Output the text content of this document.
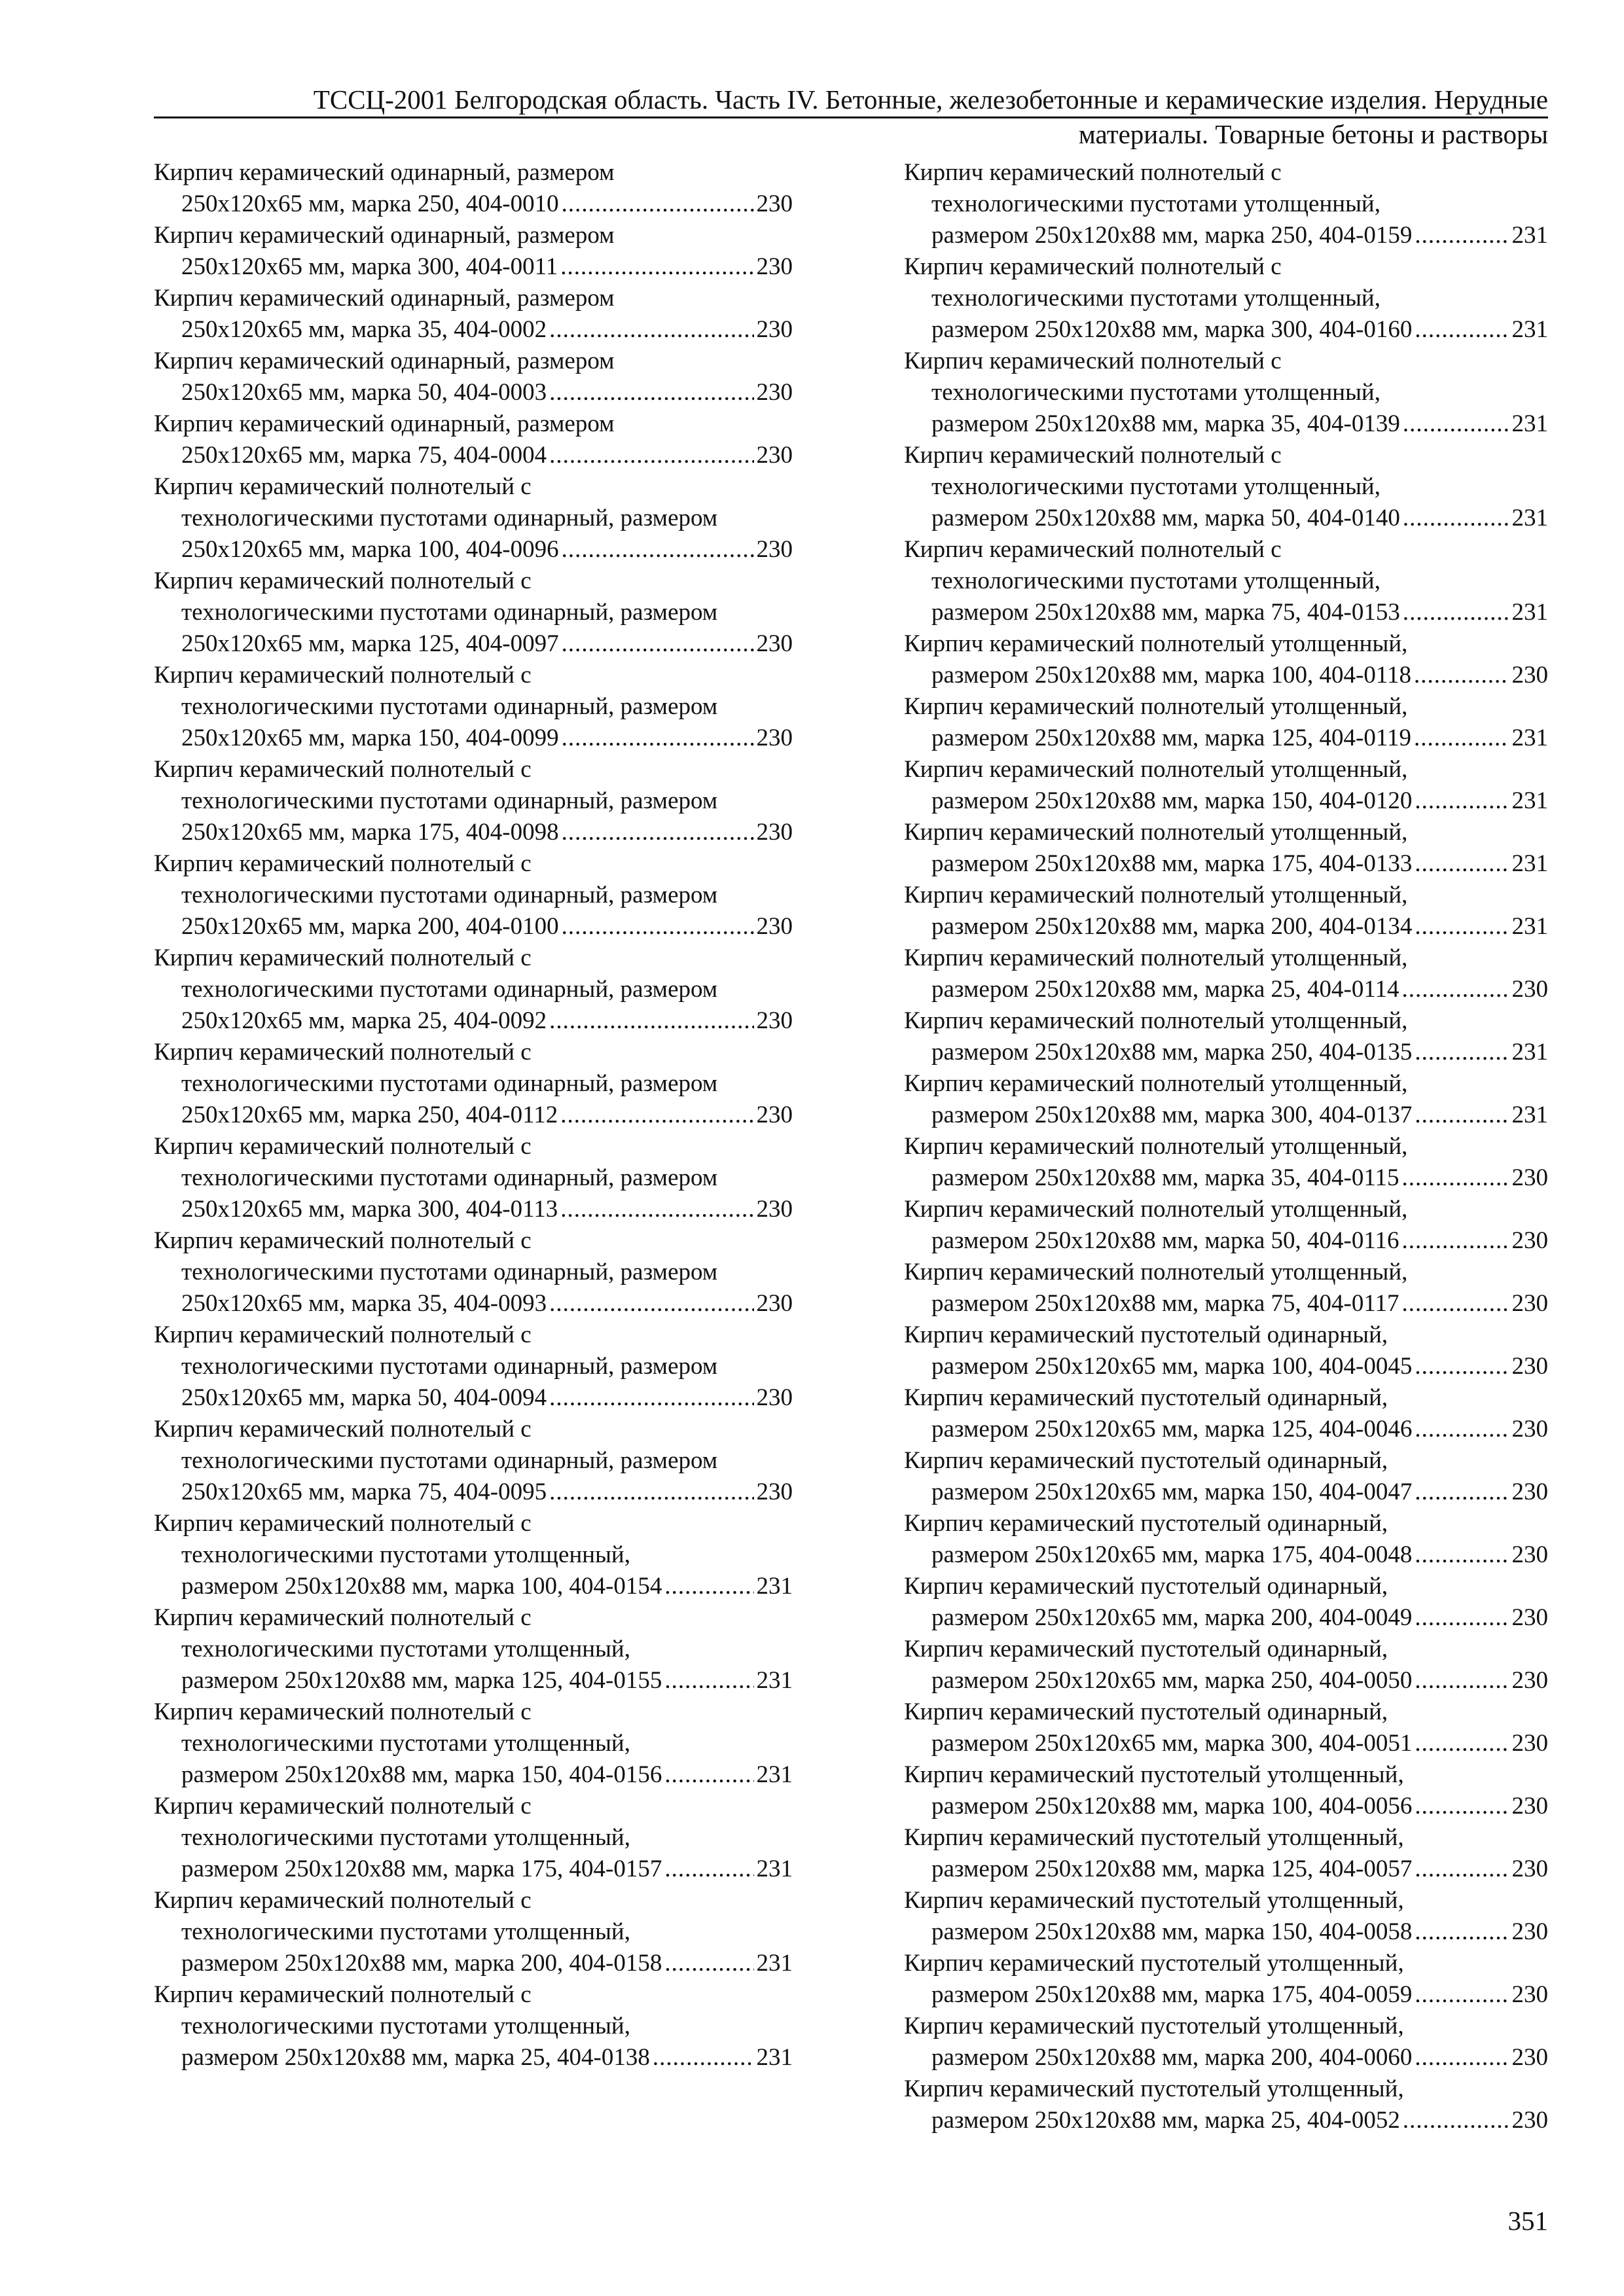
ТССЦ-2001 Белгородская область. Часть IV. Бетонные, железобетонные и керамические изделия. Нерудные
материалы. Товарные бетоны и растворы
Кирпич керамический одинарный, размером
250x120x65 мм, марка 250, 404-0010 .....	230
Кирпич керамический одинарный, размером
250x120x65 мм, марка 300, 404-0011 .....	230
Кирпич керамический одинарный, размером
250x120x65 мм, марка 35, 404-0002 .....	230
Кирпич керамический одинарный, размером
250x120x65 мм, марка 50, 404-0003 .....	230
Кирпич керамический одинарный, размером
250x120x65 мм, марка 75, 404-0004 .....	230
Кирпич керамический полнотелый с
технологическими пустотами одинарный, размером
250x120x65 мм, марка 100, 404-0096 .....	230
Кирпич керамический полнотелый с
технологическими пустотами одинарный, размером
250x120x65 мм, марка 125, 404-0097 .....	230
Кирпич керамический полнотелый с
технологическими пустотами одинарный, размером
250x120x65 мм, марка 150, 404-0099 .....	230
Кирпич керамический полнотелый с
технологическими пустотами одинарный, размером
250x120x65 мм, марка 175, 404-0098 .....	230
Кирпич керамический полнотелый с
технологическими пустотами одинарный, размером
250x120x65 мм, марка 200, 404-0100 .....	230
Кирпич керамический полнотелый с
технологическими пустотами одинарный, размером
250x120x65 мм, марка 25, 404-0092 .....	230
Кирпич керамический полнотелый с
технологическими пустотами одинарный, размером
250x120x65 мм, марка 250, 404-0112 .....	230
Кирпич керамический полнотелый с
технологическими пустотами одинарный, размером
250x120x65 мм, марка 300, 404-0113 .....	230
Кирпич керамический полнотелый с
технологическими пустотами одинарный, размером
250x120x65 мм, марка 35, 404-0093 .....	230
Кирпич керамический полнотелый с
технологическими пустотами одинарный, размером
250x120x65 мм, марка 50, 404-0094 .....	230
Кирпич керамический полнотелый с
технологическими пустотами одинарный, размером
250x120x65 мм, марка 75, 404-0095 .....	230
Кирпич керамический полнотелый с
технологическими пустотами утолщенный,
размером 250x120x88 мм, марка 100, 404-0154 .....	231
Кирпич керамический полнотелый с
технологическими пустотами утолщенный,
размером 250x120x88 мм, марка 125, 404-0155 .....	231
Кирпич керамический полнотелый с
технологическими пустотами утолщенный,
размером 250x120x88 мм, марка 150, 404-0156 .....	231
Кирпич керамический полнотелый с
технологическими пустотами утолщенный,
размером 250x120x88 мм, марка 175, 404-0157 .....	231
Кирпич керамический полнотелый с
технологическими пустотами утолщенный,
размером 250x120x88 мм, марка 200, 404-0158 .....	231
Кирпич керамический полнотелый с
технологическими пустотами утолщенный,
размером 250x120x88 мм, марка 25, 404-0138 .....	231
Кирпич керамический полнотелый с
технологическими пустотами утолщенный,
размером 250x120x88 мм, марка 250, 404-0159 .....	231
Кирпич керамический полнотелый с
технологическими пустотами утолщенный,
размером 250x120x88 мм, марка 300, 404-0160 .....	231
Кирпич керамический полнотелый с
технологическими пустотами утолщенный,
размером 250x120x88 мм, марка 35, 404-0139 .....	231
Кирпич керамический полнотелый с
технологическими пустотами утолщенный,
размером 250x120x88 мм, марка 50, 404-0140 .....	231
Кирпич керамический полнотелый с
технологическими пустотами утолщенный,
размером 250x120x88 мм, марка 75, 404-0153 .....	231
Кирпич керамический полнотелый утолщенный,
размером 250x120x88 мм, марка 100, 404-0118 .....	230
Кирпич керамический полнотелый утолщенный,
размером 250x120x88 мм, марка 125, 404-0119 .....	231
Кирпич керамический полнотелый утолщенный,
размером 250x120x88 мм, марка 150, 404-0120 .....	231
Кирпич керамический полнотелый утолщенный,
размером 250x120x88 мм, марка 175, 404-0133 .....	231
Кирпич керамический полнотелый утолщенный,
размером 250x120x88 мм, марка 200, 404-0134 .....	231
Кирпич керамический полнотелый утолщенный,
размером 250x120x88 мм, марка 25, 404-0114 .....	230
Кирпич керамический полнотелый утолщенный,
размером 250x120x88 мм, марка 250, 404-0135 .....	231
Кирпич керамический полнотелый утолщенный,
размером 250x120x88 мм, марка 300, 404-0137 .....	231
Кирпич керамический полнотелый утолщенный,
размером 250x120x88 мм, марка 35, 404-0115 .....	230
Кирпич керамический полнотелый утолщенный,
размером 250x120x88 мм, марка 50, 404-0116 .....	230
Кирпич керамический полнотелый утолщенный,
размером 250x120x88 мм, марка 75, 404-0117 .....	230
Кирпич керамический пустотелый одинарный,
размером 250x120x65 мм, марка 100, 404-0045 .....	230
Кирпич керамический пустотелый одинарный,
размером 250x120x65 мм, марка 125, 404-0046 .....	230
Кирпич керамический пустотелый одинарный,
размером 250x120x65 мм, марка 150, 404-0047 .....	230
Кирпич керамический пустотелый одинарный,
размером 250x120x65 мм, марка 175, 404-0048 .....	230
Кирпич керамический пустотелый одинарный,
размером 250x120x65 мм, марка 200, 404-0049 .....	230
Кирпич керамический пустотелый одинарный,
размером 250x120x65 мм, марка 250, 404-0050 .....	230
Кирпич керамический пустотелый одинарный,
размером 250x120x65 мм, марка 300, 404-0051 .....	230
Кирпич керамический пустотелый утолщенный,
размером 250x120x88 мм, марка 100, 404-0056 .....	230
Кирпич керамический пустотелый утолщенный,
размером 250x120x88 мм, марка 125, 404-0057 .....	230
Кирпич керамический пустотелый утолщенный,
размером 250x120x88 мм, марка 150, 404-0058 .....	230
Кирпич керамический пустотелый утолщенный,
размером 250x120x88 мм, марка 175, 404-0059 .....	230
Кирпич керамический пустотелый утолщенный,
размером 250x120x88 мм, марка 200, 404-0060 .....	230
Кирпич керамический пустотелый утолщенный,
размером 250x120x88 мм, марка 25, 404-0052 .....	230
351
